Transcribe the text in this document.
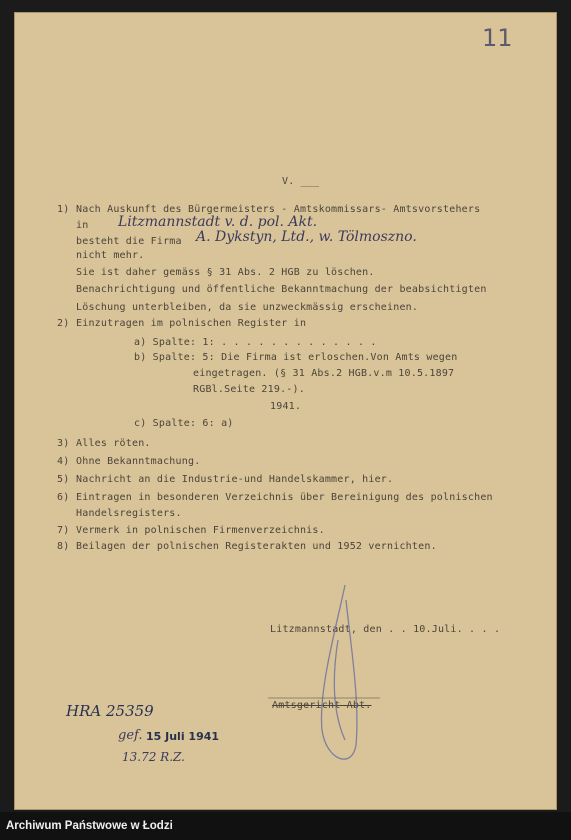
11
V. ___
1) Nach Auskunft des Bürgermeisters - Amtskommissars- Amtsvorstehers
in
besteht die Firma
nicht mehr.
Sie ist daher gemäss § 31 Abs. 2 HGB zu löschen.
Benachrichtigung und öffentliche Bekanntmachung der beabsichtigten
Löschung unterbleiben, da sie unzweckmässig erscheinen.
2) Einzutragen im polnischen Register in
a) Spalte: 1: . . . . . . . . . . . . .
b) Spalte: 5: Die Firma ist erloschen.Von Amts wegen
eingetragen. (§ 31 Abs.2 HGB.v.m 10.5.1897
RGBl.Seite 219.-).
1941.
c) Spalte: 6: a)
3) Alles röten.
4) Ohne Bekanntmachung.
5) Nachricht an die Industrie-und Handelskammer, hier.
6) Eintragen in besonderen Verzeichnis über Bereinigung des polnischen
Handelsregisters.
7) Vermerk in polnischen Firmenverzeichnis.
8) Beilagen der polnischen Registerakten und 1952 vernichten.
Litzmannstadt v. d. pol. Akt.
A. Dykstyn, Ltd., w. Tölmoszno.
Litzmannstadt, den . . 10.Juli. . . .
Amtsgericht Abt.
HRA 25359
gef. 15 Juli 1941
13.72 R.Z.
Archiwum Państwowe w Łodzi
